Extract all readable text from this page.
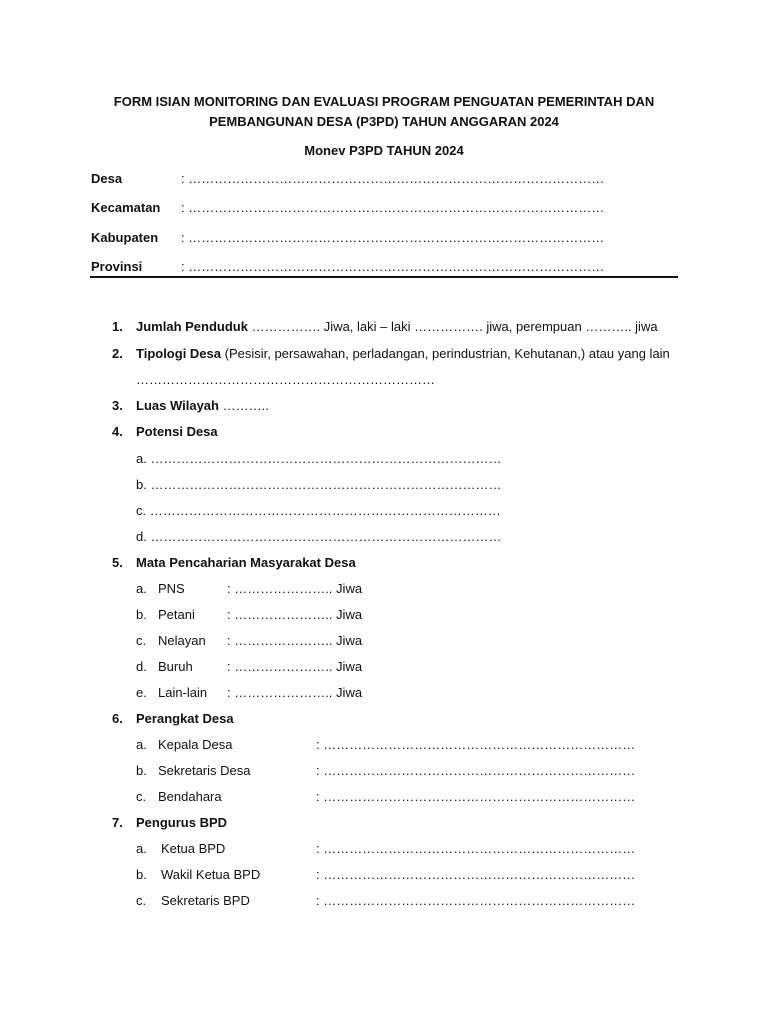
FORM ISIAN MONITORING DAN EVALUASI PROGRAM PENGUATAN PEMERINTAH DAN
PEMBANGUNAN DESA (P3PD) TAHUN ANGGARAN 2024
Monev P3PD TAHUN 2024
Desa	: ……………………………………………………………………………………
Kecamatan : ……………………………………………………………………………………
Kabupaten : ……………………………………………………………………………………
Provinsi	: ……………………………………………………………………………………
1. Jumlah Penduduk ……………. Jiwa, laki – laki ……………. jiwa, perempuan ……….. jiwa
2. Tipologi Desa (Pesisir, persawahan, perladangan, perindustrian, Kehutanan,) atau yang lain
……………………………………………………………
3. Luas Wilayah ………..
4. Potensi Desa
a. ………………………………………………………………………
b. ………………………………………………………………………
c. ………………………………………………………………………
d. ………………………………………………………………………
5. Mata Pencaharian Masyarakat Desa
a. PNS	: ………………….. Jiwa
b. Petani : ………………….. Jiwa
c. Nelayan : ………………….. Jiwa
d. Buruh	: ………………….. Jiwa
e. Lain-lain : ………………….. Jiwa
6. Perangkat Desa
a. Kepala Desa	: ………………………………………………………………
b. Sekretaris Desa	: ………………………………………………………………
c. Bendahara	: ………………………………………………………………
7. Pengurus BPD
a. Ketua BPD	: ………………………………………………………………
b. Wakil Ketua BPD	: ………………………………………………………………
c. Sekretaris BPD	: ………………………………………………………………
